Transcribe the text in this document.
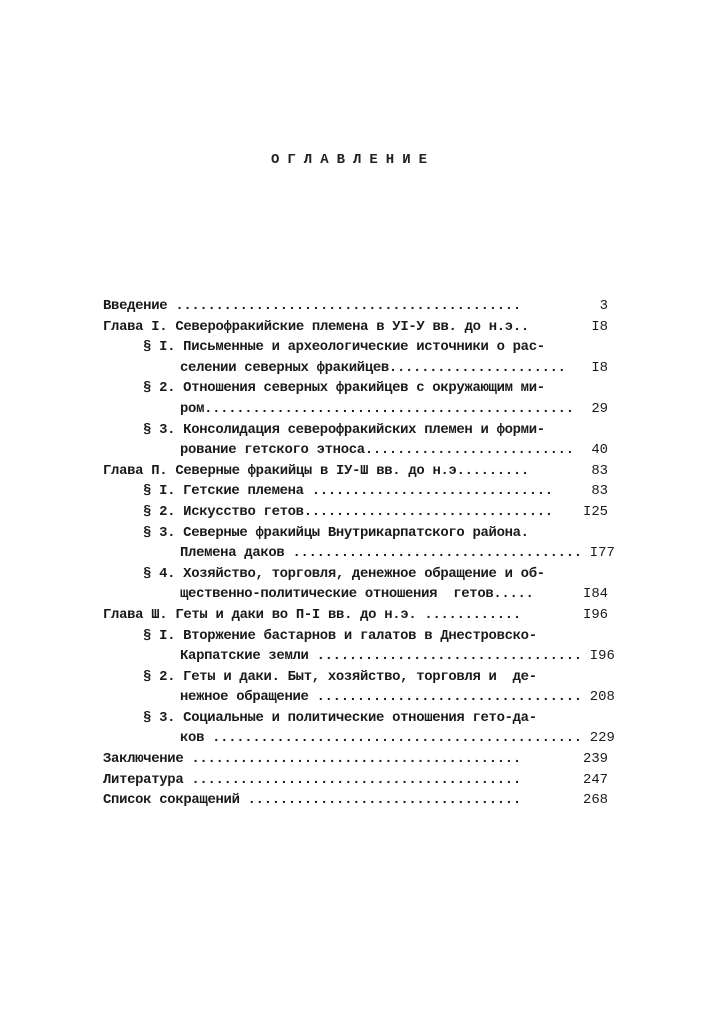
ОГЛАВЛЕНИЕ
Введение ...........................................	3
Глава I. Северофракийские племена в УI-У вв. до н.э..	I8
§ I. Письменные и археологические источники о рас-
селении северных фракийцев......................	I8
§ 2. Отношения северных фракийцев с окружающим ми-
ром..............................................	29
§ 3. Консолидация северофракийских племен и форми-
рование гетского этноса..........................	40
Глава П. Северные фракийцы в IУ-Ш вв. до н.э.........	83
§ I. Гетские племена ..............................	83
§ 2. Искусство гетов...............................	I25
§ 3. Северные фракийцы Внутрикарпатского района.
Племена даков .................................... I77
§ 4. Хозяйство, торговля, денежное обращение и об-
щественно-политические отношения  гетов.....	I84
Глава Ш. Геты и даки во П-I вв. до н.э. ............	I96
§ I. Вторжение бастарнов и галатов в Днестровско-
Карпатские земли ................................. I96
§ 2. Геты и даки. Быт, хозяйство, торговля и  де-
нежное обращение ................................. 208
§ 3. Социальные и политические отношения гето-да-
ков .............................................. 229
Заключение .........................................	239
Литература .........................................	247
Список сокращений ..................................	268
